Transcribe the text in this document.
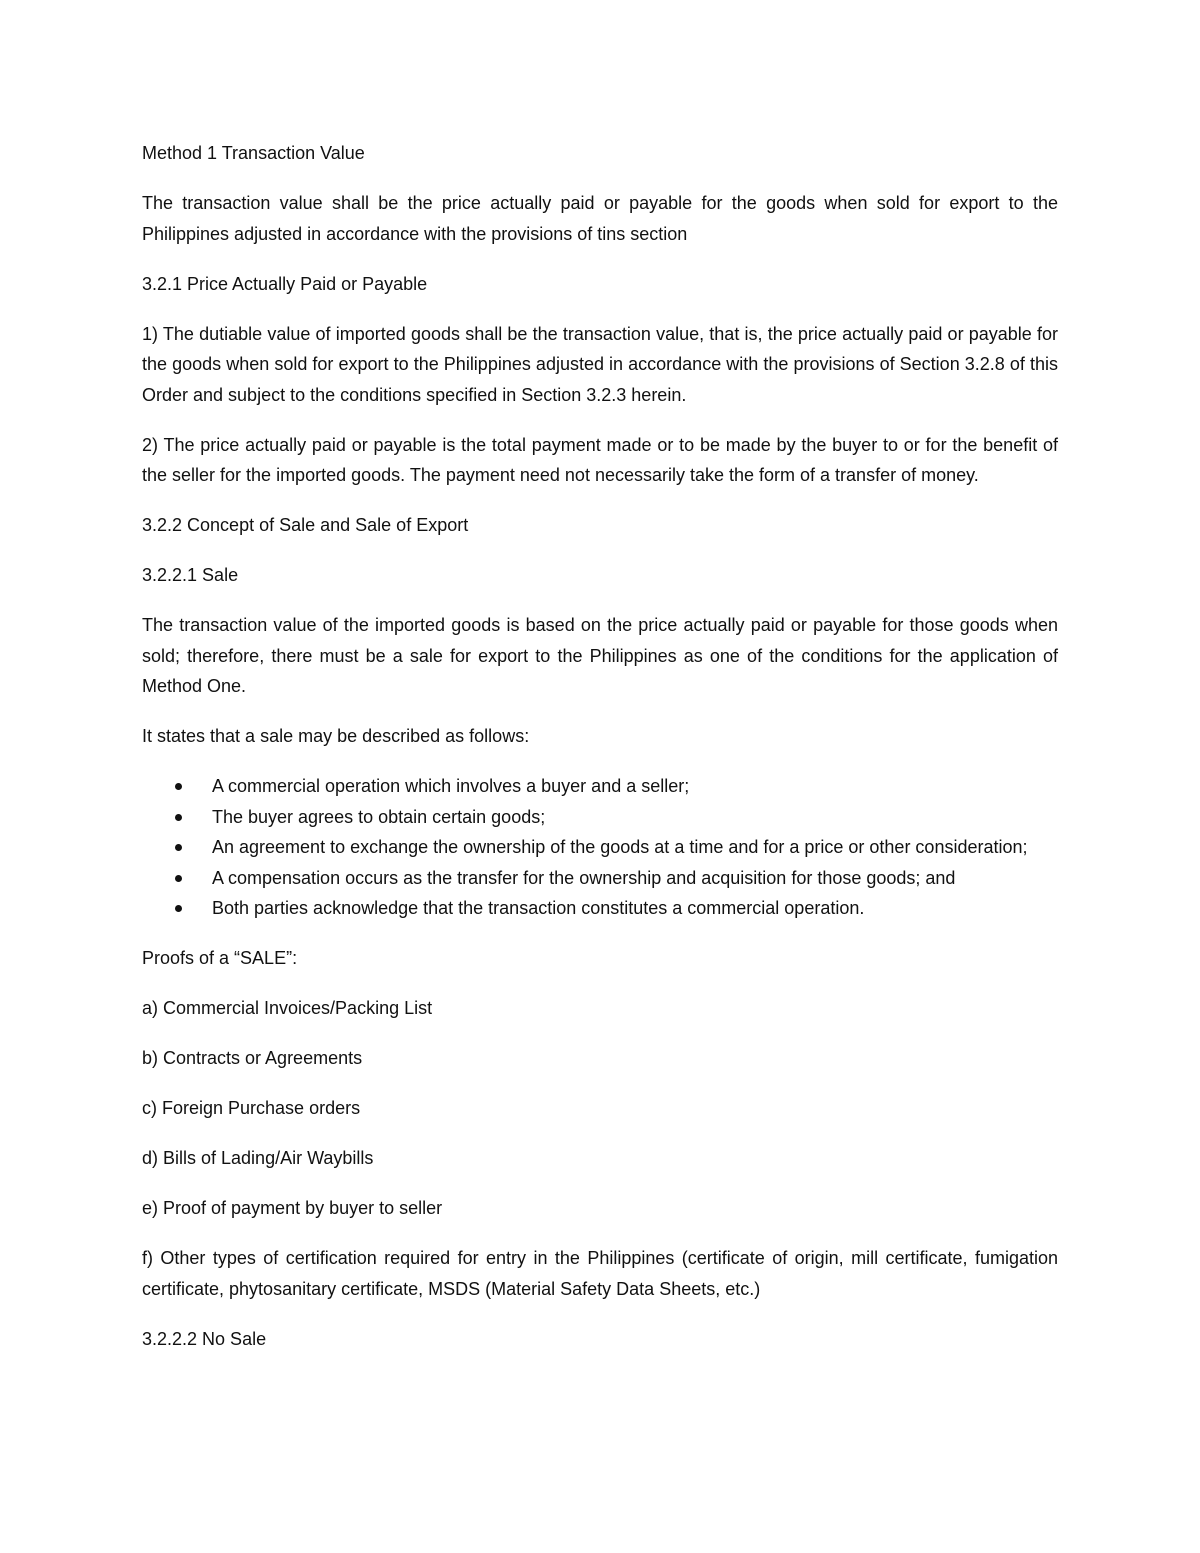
Method 1 Transaction Value

The transaction value shall be the price actually paid or payable for the goods when sold for export to the Philippines adjusted in accordance with the provisions of tins section

3.2.1 Price Actually Paid or Payable

1) The dutiable value of imported goods shall be the transaction value, that is, the price actually paid or payable for the goods when sold for export to the Philippines adjusted in accordance with the provisions of Section 3.2.8 of this Order and subject to the conditions specified in Section 3.2.3 herein.

2) The price actually paid or payable is the total payment made or to be made by the buyer to or for the benefit of the seller for the imported goods. The payment need not necessarily take the form of a transfer of money.

3.2.2 Concept of Sale and Sale of Export

3.2.2.1 Sale

The transaction value of the imported goods is based on the price actually paid or payable for those goods when sold; therefore, there must be a sale for export to the Philippines as one of the conditions for the application of Method One.

It states that a sale may be described as follows:

A commercial operation which involves a buyer and a seller;
The buyer agrees to obtain certain goods;
An agreement to exchange the ownership of the goods at a time and for a price or other consideration;
A compensation occurs as the transfer for the ownership and acquisition for those goods; and
Both parties acknowledge that the transaction constitutes a commercial operation.

Proofs of a “SALE”:

a) Commercial Invoices/Packing List

b) Contracts or Agreements

c) Foreign Purchase orders

d) Bills of Lading/Air Waybills

e) Proof of payment by buyer to seller

f) Other types of certification required for entry in the Philippines (certificate of origin, mill certificate, fumigation certificate, phytosanitary certificate, MSDS (Material Safety Data Sheets, etc.)

3.2.2.2 No Sale
